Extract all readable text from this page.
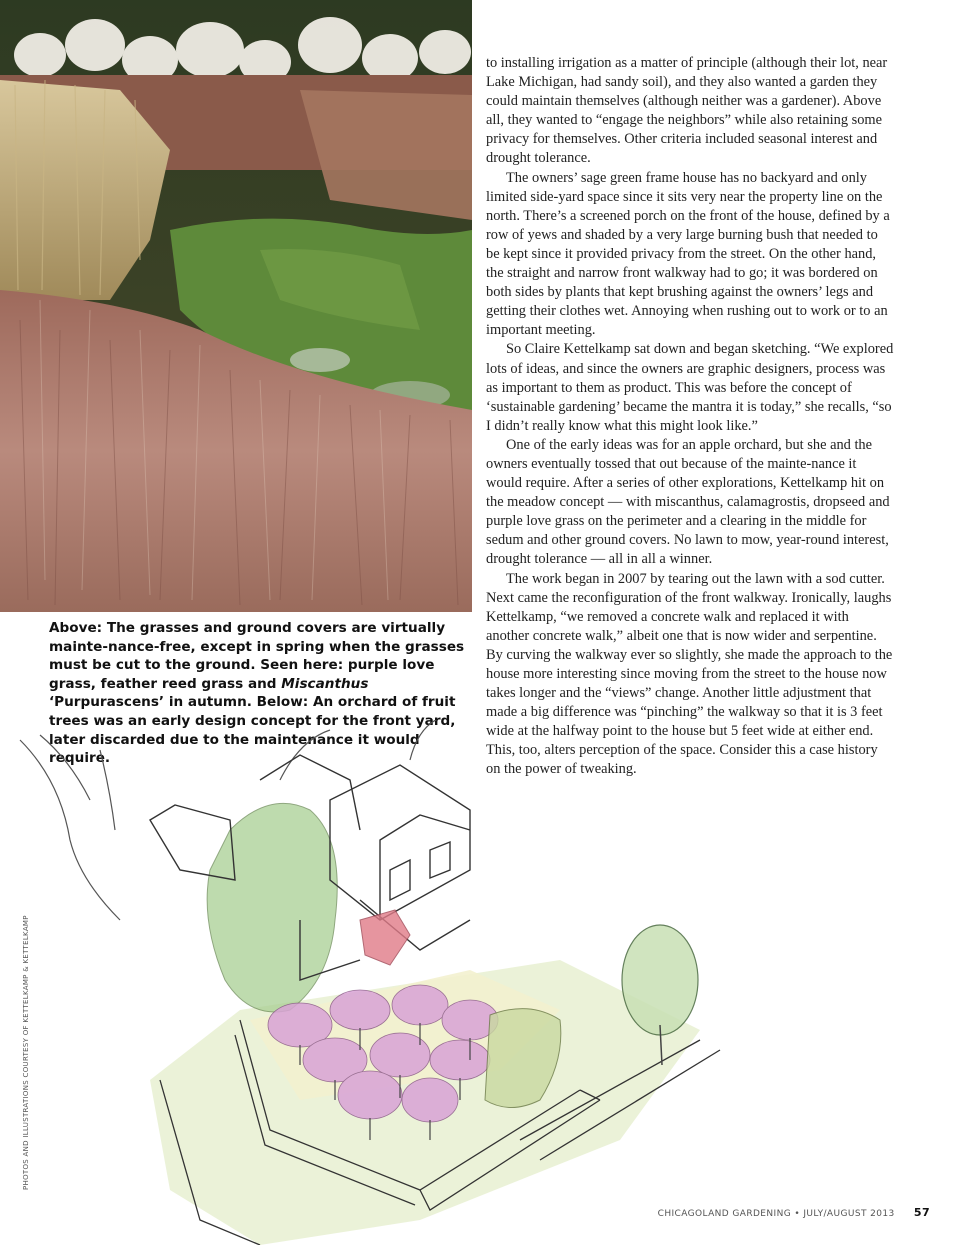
Above: The grasses and ground covers are virtually mainte-nance-free, except in spring when the grasses must be cut to the ground. Seen here: purple love grass, feather reed grass and Miscanthus ‘Purpurascens’ in autumn. Below: An orchard of fruit trees was an early design concept for the front yard, later discarded due to the maintenance it would require.

to installing irrigation as a matter of principle (although their lot, near Lake Michigan, had sandy soil), and they also wanted a garden they could maintain themselves (although neither was a gardener). Above all, they wanted to “engage the neighbors” while also retaining some privacy for themselves. Other criteria included seasonal interest and drought tolerance.

The owners’ sage green frame house has no backyard and only limited side-yard space since it sits very near the property line on the north. There’s a screened porch on the front of the house, defined by a row of yews and shaded by a very large burning bush that needed to be kept since it provided privacy from the street. On the other hand, the straight and narrow front walkway had to go; it was bordered on both sides by plants that kept brushing against the owners’ legs and getting their clothes wet. Annoying when rushing out to work or to an important meeting.

So Claire Kettelkamp sat down and began sketching. “We explored lots of ideas, and since the owners are graphic designers, process was as important to them as product. This was before the concept of ‘sustainable gardening’ became the mantra it is today,” she recalls, “so I didn’t really know what this might look like.”

One of the early ideas was for an apple orchard, but she and the owners eventually tossed that out because of the mainte-nance it would require. After a series of other explorations, Kettelkamp hit on the meadow concept — with miscanthus, calamagrostis, dropseed and purple love grass on the perimeter and a clearing in the middle for sedum and other ground covers. No lawn to mow, year-round interest, drought tolerance — all in all a winner.

The work began in 2007 by tearing out the lawn with a sod cutter. Next came the reconfiguration of the front walkway. Ironically, laughs Kettelkamp, “we removed a concrete walk and replaced it with another concrete walk,” albeit one that is now wider and serpentine. By curving the walkway ever so slightly, she made the approach to the house more interesting since moving from the street to the house now takes longer and the “views” change. Another little adjustment that made a big difference was “pinching” the walkway so that it is 3 feet wide at the halfway point to the house but 5 feet wide at either end. This, too, alters perception of the space. Consider this a case history on the power of tweaking.

PHOTOS AND ILLUSTRATIONS COURTESY OF KETTELKAMP & KETTELKAMP
CHICAGOLAND GARDENING • JULY/AUGUST 2013 57
